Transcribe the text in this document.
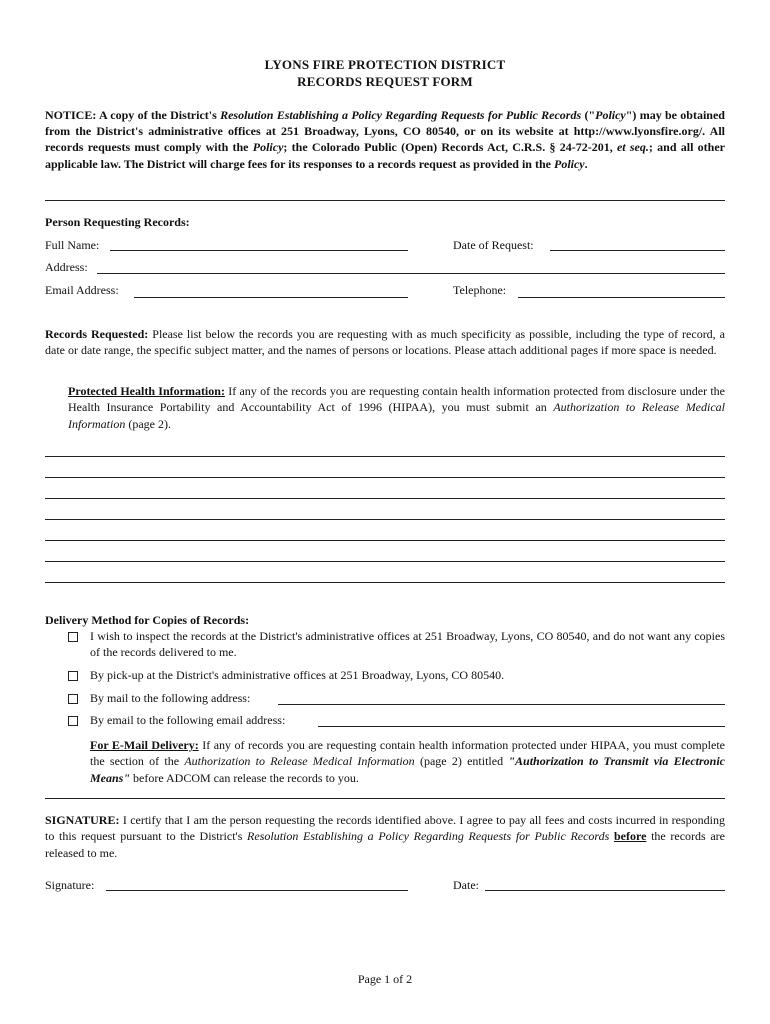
LYONS FIRE PROTECTION DISTRICT
RECORDS REQUEST FORM
NOTICE: A copy of the District's Resolution Establishing a Policy Regarding Requests for Public Records ("Policy") may be obtained from the District's administrative offices at 251 Broadway, Lyons, CO 80540, or on its website at http://www.lyonsfire.org/. All records requests must comply with the Policy; the Colorado Public (Open) Records Act, C.R.S. § 24-72-201, et seq.; and all other applicable law. The District will charge fees for its responses to a records request as provided in the Policy.
Person Requesting Records:
Full Name:	Date of Request:
Address:
Email Address:	Telephone:
Records Requested: Please list below the records you are requesting with as much specificity as possible, including the type of record, a date or date range, the specific subject matter, and the names of persons or locations. Please attach additional pages if more space is needed.
Protected Health Information: If any of the records you are requesting contain health information protected from disclosure under the Health Insurance Portability and Accountability Act of 1996 (HIPAA), you must submit an Authorization to Release Medical Information (page 2).
Delivery Method for Copies of Records:
I wish to inspect the records at the District's administrative offices at 251 Broadway, Lyons, CO 80540, and do not want any copies of the records delivered to me.
By pick-up at the District's administrative offices at 251 Broadway, Lyons, CO 80540.
By mail to the following address:
By email to the following email address:
For E-Mail Delivery: If any of records you are requesting contain health information protected under HIPAA, you must complete the section of the Authorization to Release Medical Information (page 2) entitled "Authorization to Transmit via Electronic Means" before ADCOM can release the records to you.
SIGNATURE: I certify that I am the person requesting the records identified above. I agree to pay all fees and costs incurred in responding to this request pursuant to the District's Resolution Establishing a Policy Regarding Requests for Public Records before the records are released to me.
Signature:	Date:
Page 1 of 2
